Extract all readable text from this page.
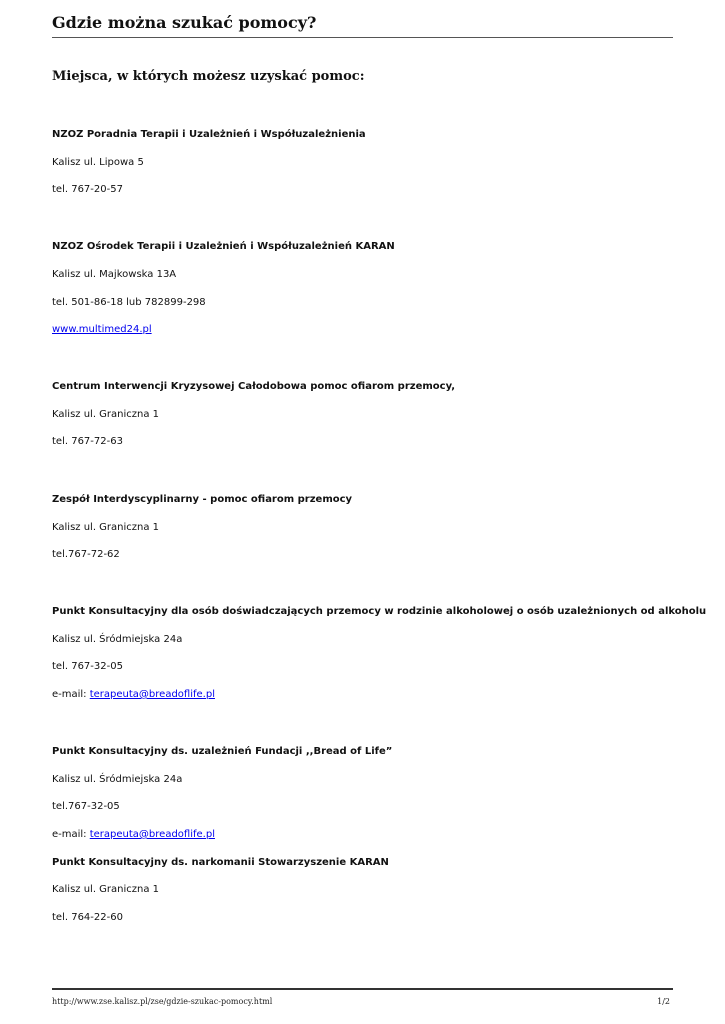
Gdzie można szukać pomocy?
Miejsca, w których możesz uzyskać pomoc:

NZOZ Poradnia Terapii i Uzależnień i Współuzależnienia

Kalisz ul. Lipowa 5

tel. 767-20-57

NZOZ Ośrodek Terapii i Uzależnień i Współuzależnień KARAN

Kalisz ul. Majkowska 13A

tel. 501-86-18 lub 782899-298

www.multimed24.pl

Centrum Interwencji Kryzysowej Całodobowa pomoc ofiarom przemocy,

Kalisz ul. Graniczna 1

tel. 767-72-63

Zespół Interdyscyplinarny - pomoc ofiarom przemocy

Kalisz ul. Graniczna 1

tel.767-72-62

Punkt Konsultacyjny dla osób doświadczających przemocy w rodzinie alkoholowej o osób uzależnionych od alkoholu

Kalisz ul. Śródmiejska 24a

tel. 767-32-05

e-mail: terapeuta@breadoflife.pl

Punkt Konsultacyjny ds. uzależnień Fundacji ,,Bread of Life”

Kalisz ul. Śródmiejska 24a

tel.767-32-05

e-mail: terapeuta@breadoflife.pl

Punkt Konsultacyjny ds. narkomanii Stowarzyszenie KARAN

Kalisz ul. Graniczna 1

tel. 764-22-60

http://www.zse.kalisz.pl/zse/gdzie-szukac-pomocy.html	1/2
